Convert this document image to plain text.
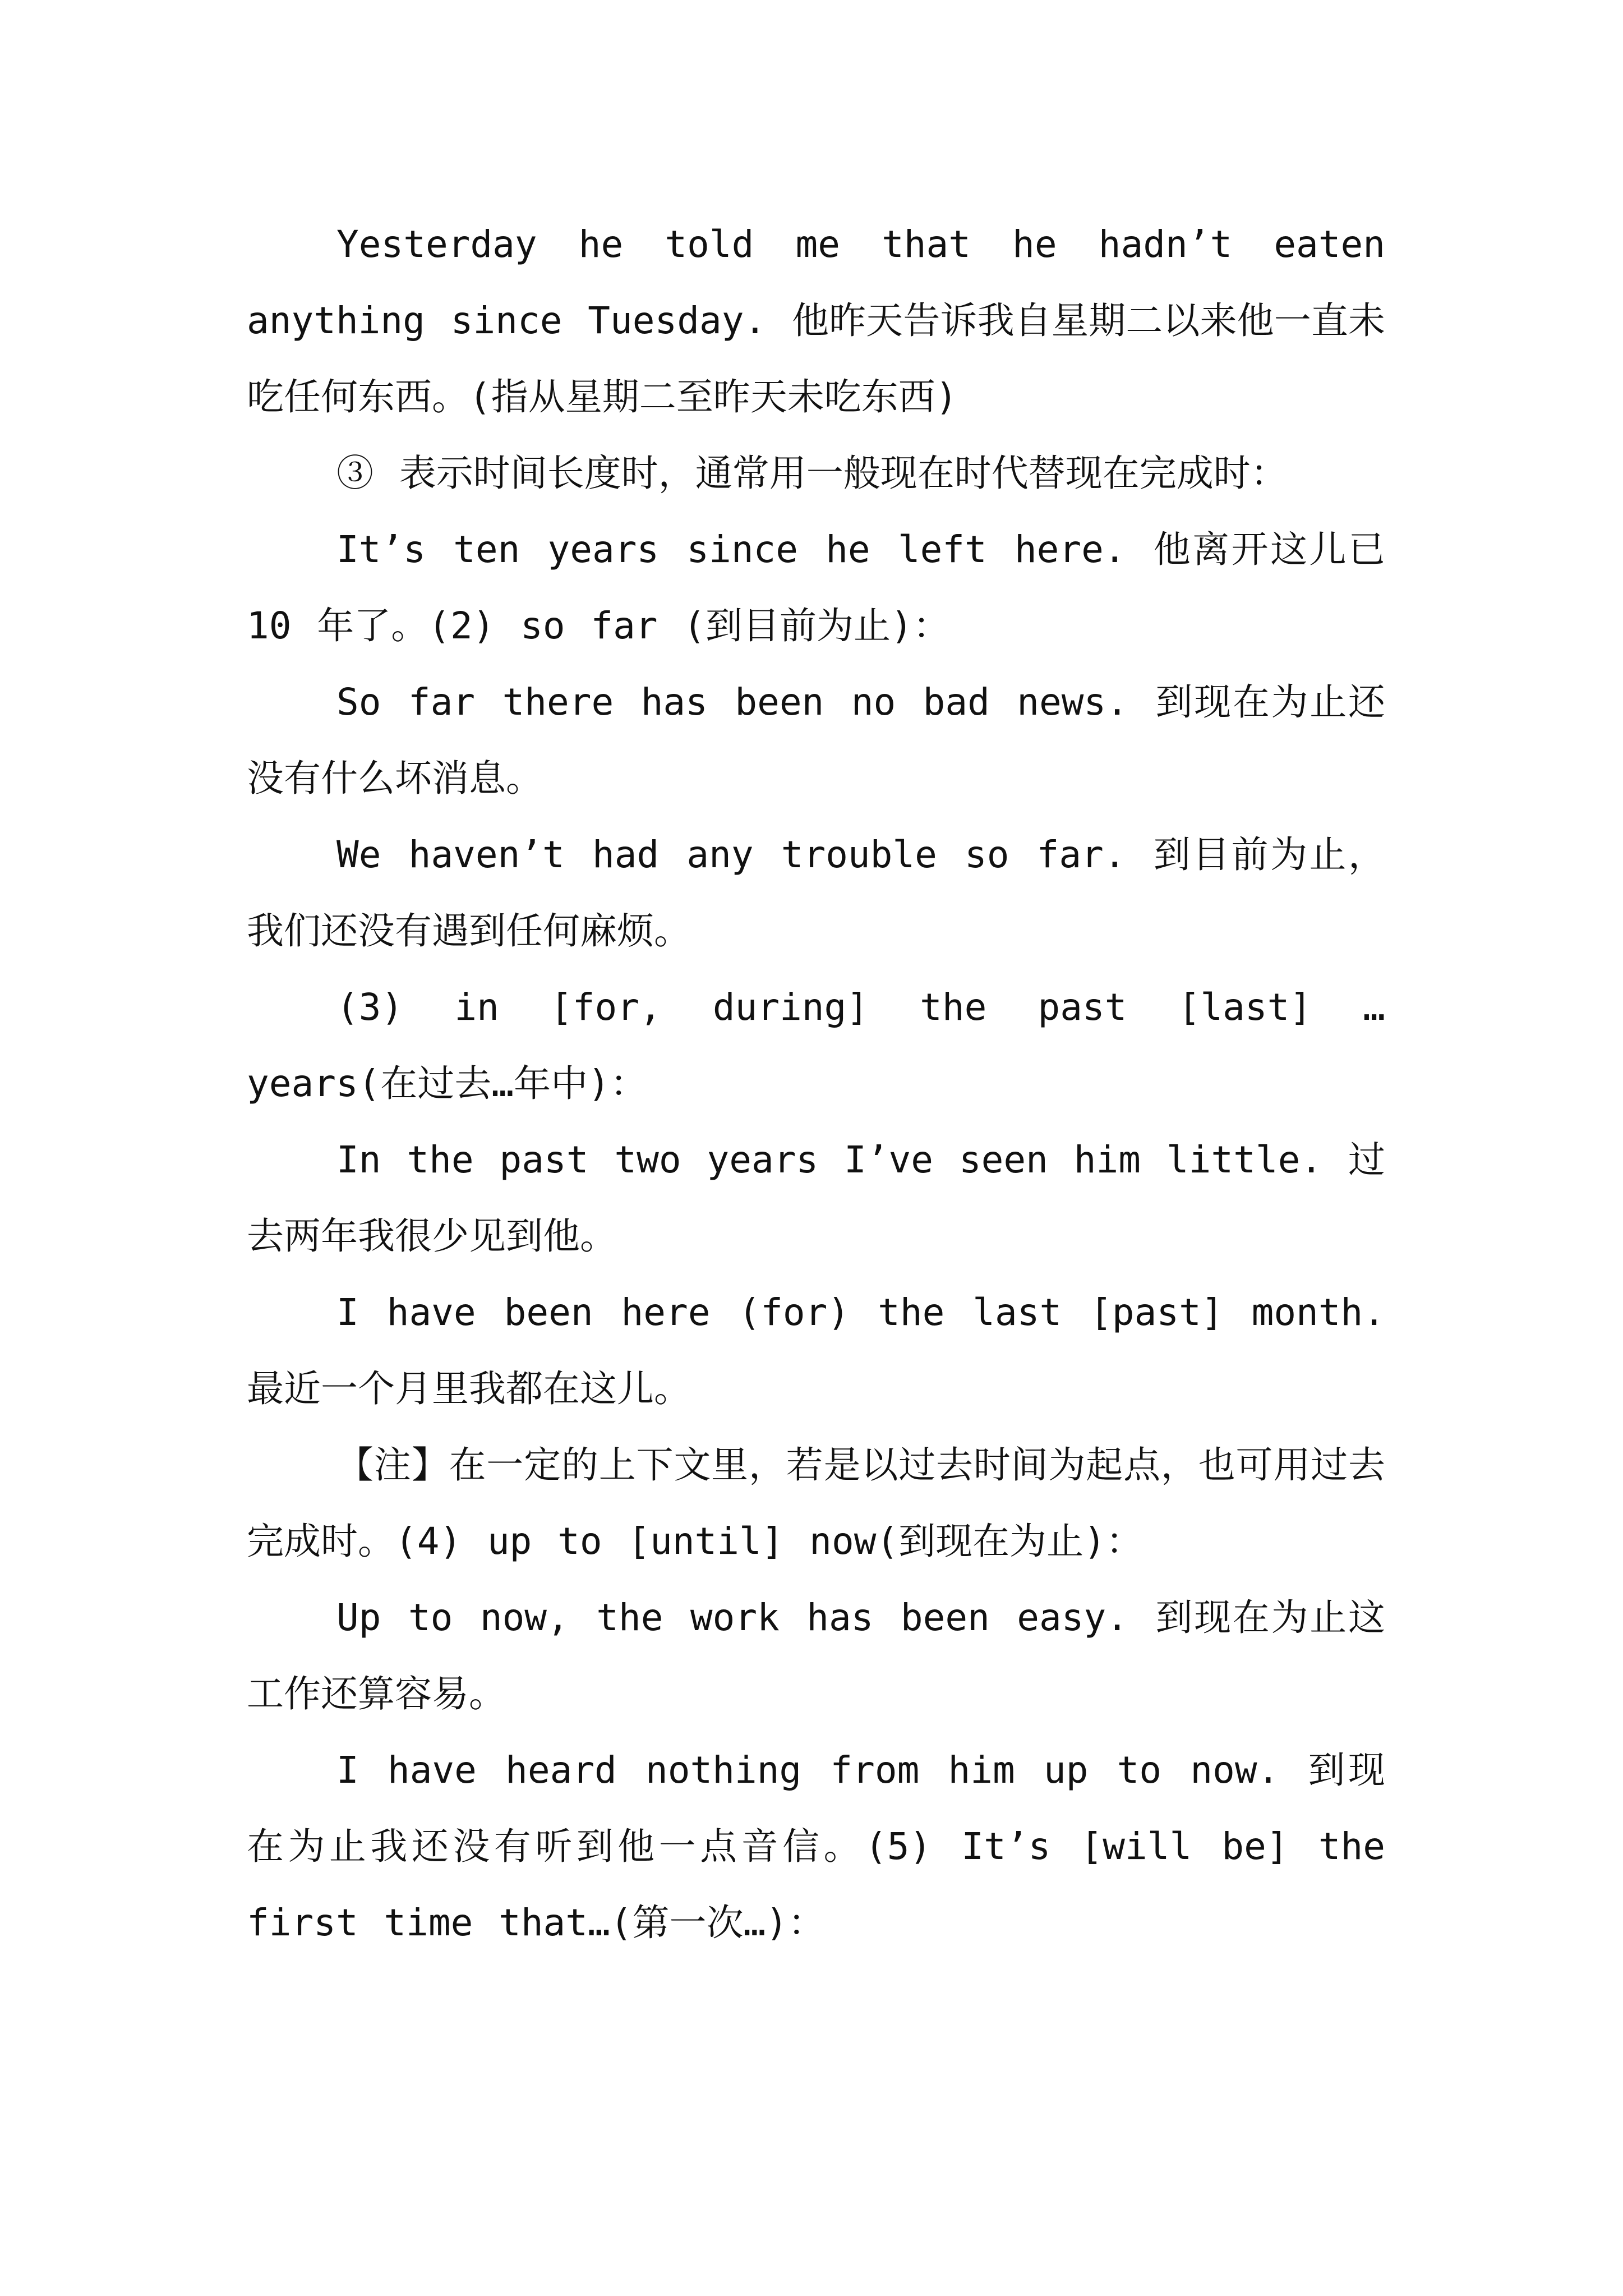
Yesterday he told me that he hadn’t eaten anything since Tuesday. 他昨天告诉我自星期二以来他一直未吃任何东西。(指从星期二至昨天未吃东西)

③ 表示时间长度时，通常用一般现在时代替现在完成时：

It’s ten years since he left here. 他离开这儿已 10 年了。(2) so far (到目前为止)：

So far there has been no bad news. 到现在为止还没有什么坏消息。

We haven’t had any trouble so far. 到目前为止，我们还没有遇到任何麻烦。

(3) in [for, during] the past [last] … years(在过去…年中)：

In the past two years I’ve seen him little. 过去两年我很少见到他。

I have been here (for) the last [past] month. 最近一个月里我都在这儿。

【注】在一定的上下文里，若是以过去时间为起点，也可用过去完成时。(4) up to [until] now(到现在为止)：

Up to now, the work has been easy. 到现在为止这工作还算容易。

I have heard nothing from him up to now. 到现在为止我还没有听到他一点音信。(5) It’s [will be] the first time that…(第一次…)：
